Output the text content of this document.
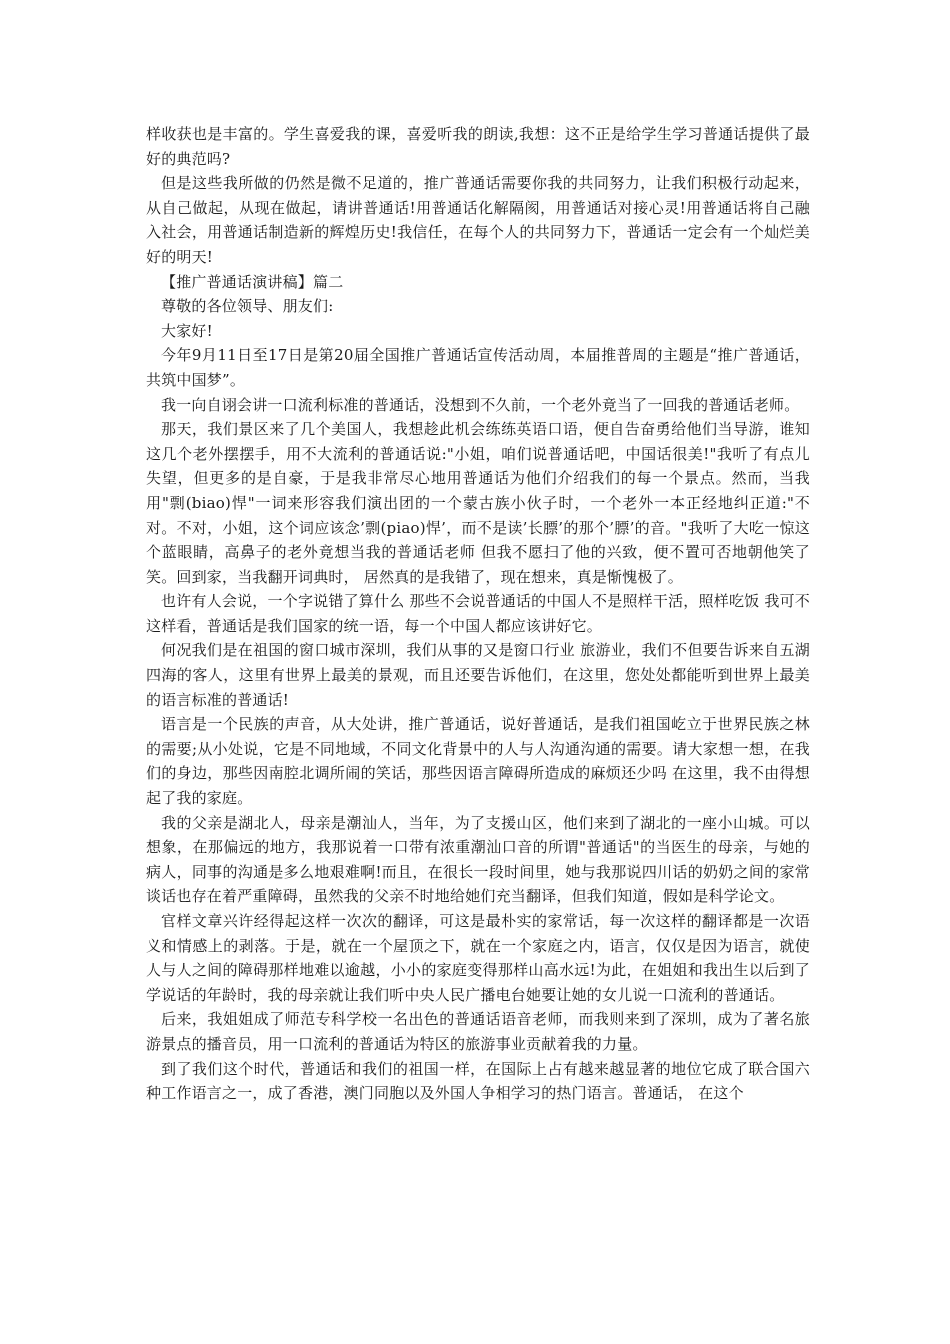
样收获也是丰富的。学生喜爱我的课，喜爱听我的朗读,我想：这不正是给学生学习普通话提供了最好的典范吗?

但是这些我所做的仍然是微不足道的，推广普通话需要你我的共同努力，让我们积极行动起来，从自己做起，从现在做起，请讲普通话!用普通话化解隔阂，用普通话对接心灵!用普通话将自己融入社会，用普通话制造新的辉煌历史!我信任，在每个人的共同努力下，普通话一定会有一个灿烂美好的明天!

【推广普通话演讲稿】篇二

尊敬的各位领导、朋友们:

大家好!

今年9月11日至17日是第20届全国推广普通话宣传活动周，本届推普周的主题是“推广普通话，共筑中国梦”。

我一向自诩会讲一口流利标准的普通话，没想到不久前，一个老外竟当了一回我的普通话老师。

那天，我们景区来了几个美国人，我想趁此机会练练英语口语，便自告奋勇给他们当导游，谁知这几个老外摆摆手，用不大流利的普通话说:"小姐，咱们说普通话吧，中国话很美!"我听了有点儿失望，但更多的是自豪，于是我非常尽心地用普通话为他们介绍我们的每一个景点。然而，当我用"剽(biao)悍"一词来形容我们演出团的一个蒙古族小伙子时，一个老外一本正经地纠正道:"不对。不对，小姐，这个词应该念’剽(piao)悍’，而不是读’长膘’的那个’膘’的音。"我听了大吃一惊这个蓝眼睛，高鼻子的老外竟想当我的普通话老师 但我不愿扫了他的兴致，便不置可否地朝他笑了笑。回到家，当我翻开词典时， 居然真的是我错了，现在想来，真是惭愧极了。

也许有人会说，一个字说错了算什么 那些不会说普通话的中国人不是照样干活，照样吃饭 我可不这样看，普通话是我们国家的统一语，每一个中国人都应该讲好它。

何况我们是在祖国的窗口城市深圳，我们从事的又是窗口行业 旅游业，我们不但要告诉来自五湖四海的客人，这里有世界上最美的景观，而且还要告诉他们，在这里，您处处都能听到世界上最美的语言标准的普通话!

语言是一个民族的声音，从大处讲，推广普通话，说好普通话，是我们祖国屹立于世界民族之林的需要;从小处说，它是不同地域，不同文化背景中的人与人沟通沟通的需要。请大家想一想，在我们的身边，那些因南腔北调所闹的笑话，那些因语言障碍所造成的麻烦还少吗 在这里，我不由得想起了我的家庭。

我的父亲是湖北人，母亲是潮汕人，当年，为了支援山区，他们来到了湖北的一座小山城。可以想象，在那偏远的地方，我那说着一口带有浓重潮汕口音的所谓"普通话"的当医生的母亲，与她的病人，同事的沟通是多么地艰难啊!而且，在很长一段时间里，她与我那说四川话的奶奶之间的家常谈话也存在着严重障碍，虽然我的父亲不时地给她们充当翻译，但我们知道，假如是科学论文。

官样文章兴许经得起这样一次次的翻译，可这是最朴实的家常话，每一次这样的翻译都是一次语义和情感上的剥落。于是，就在一个屋顶之下，就在一个家庭之内，语言，仅仅是因为语言，就使人与人之间的障碍那样地难以逾越，小小的家庭变得那样山高水远!为此，在姐姐和我出生以后到了学说话的年龄时，我的母亲就让我们听中央人民广播电台她要让她的女儿说一口流利的普通话。

后来，我姐姐成了师范专科学校一名出色的普通话语音老师，而我则来到了深圳，成为了著名旅游景点的播音员，用一口流利的普通话为特区的旅游事业贡献着我的力量。

到了我们这个时代，普通话和我们的祖国一样，在国际上占有越来越显著的地位它成了联合国六种工作语言之一，成了香港，澳门同胞以及外国人争相学习的热门语言。普通话， 在这个
